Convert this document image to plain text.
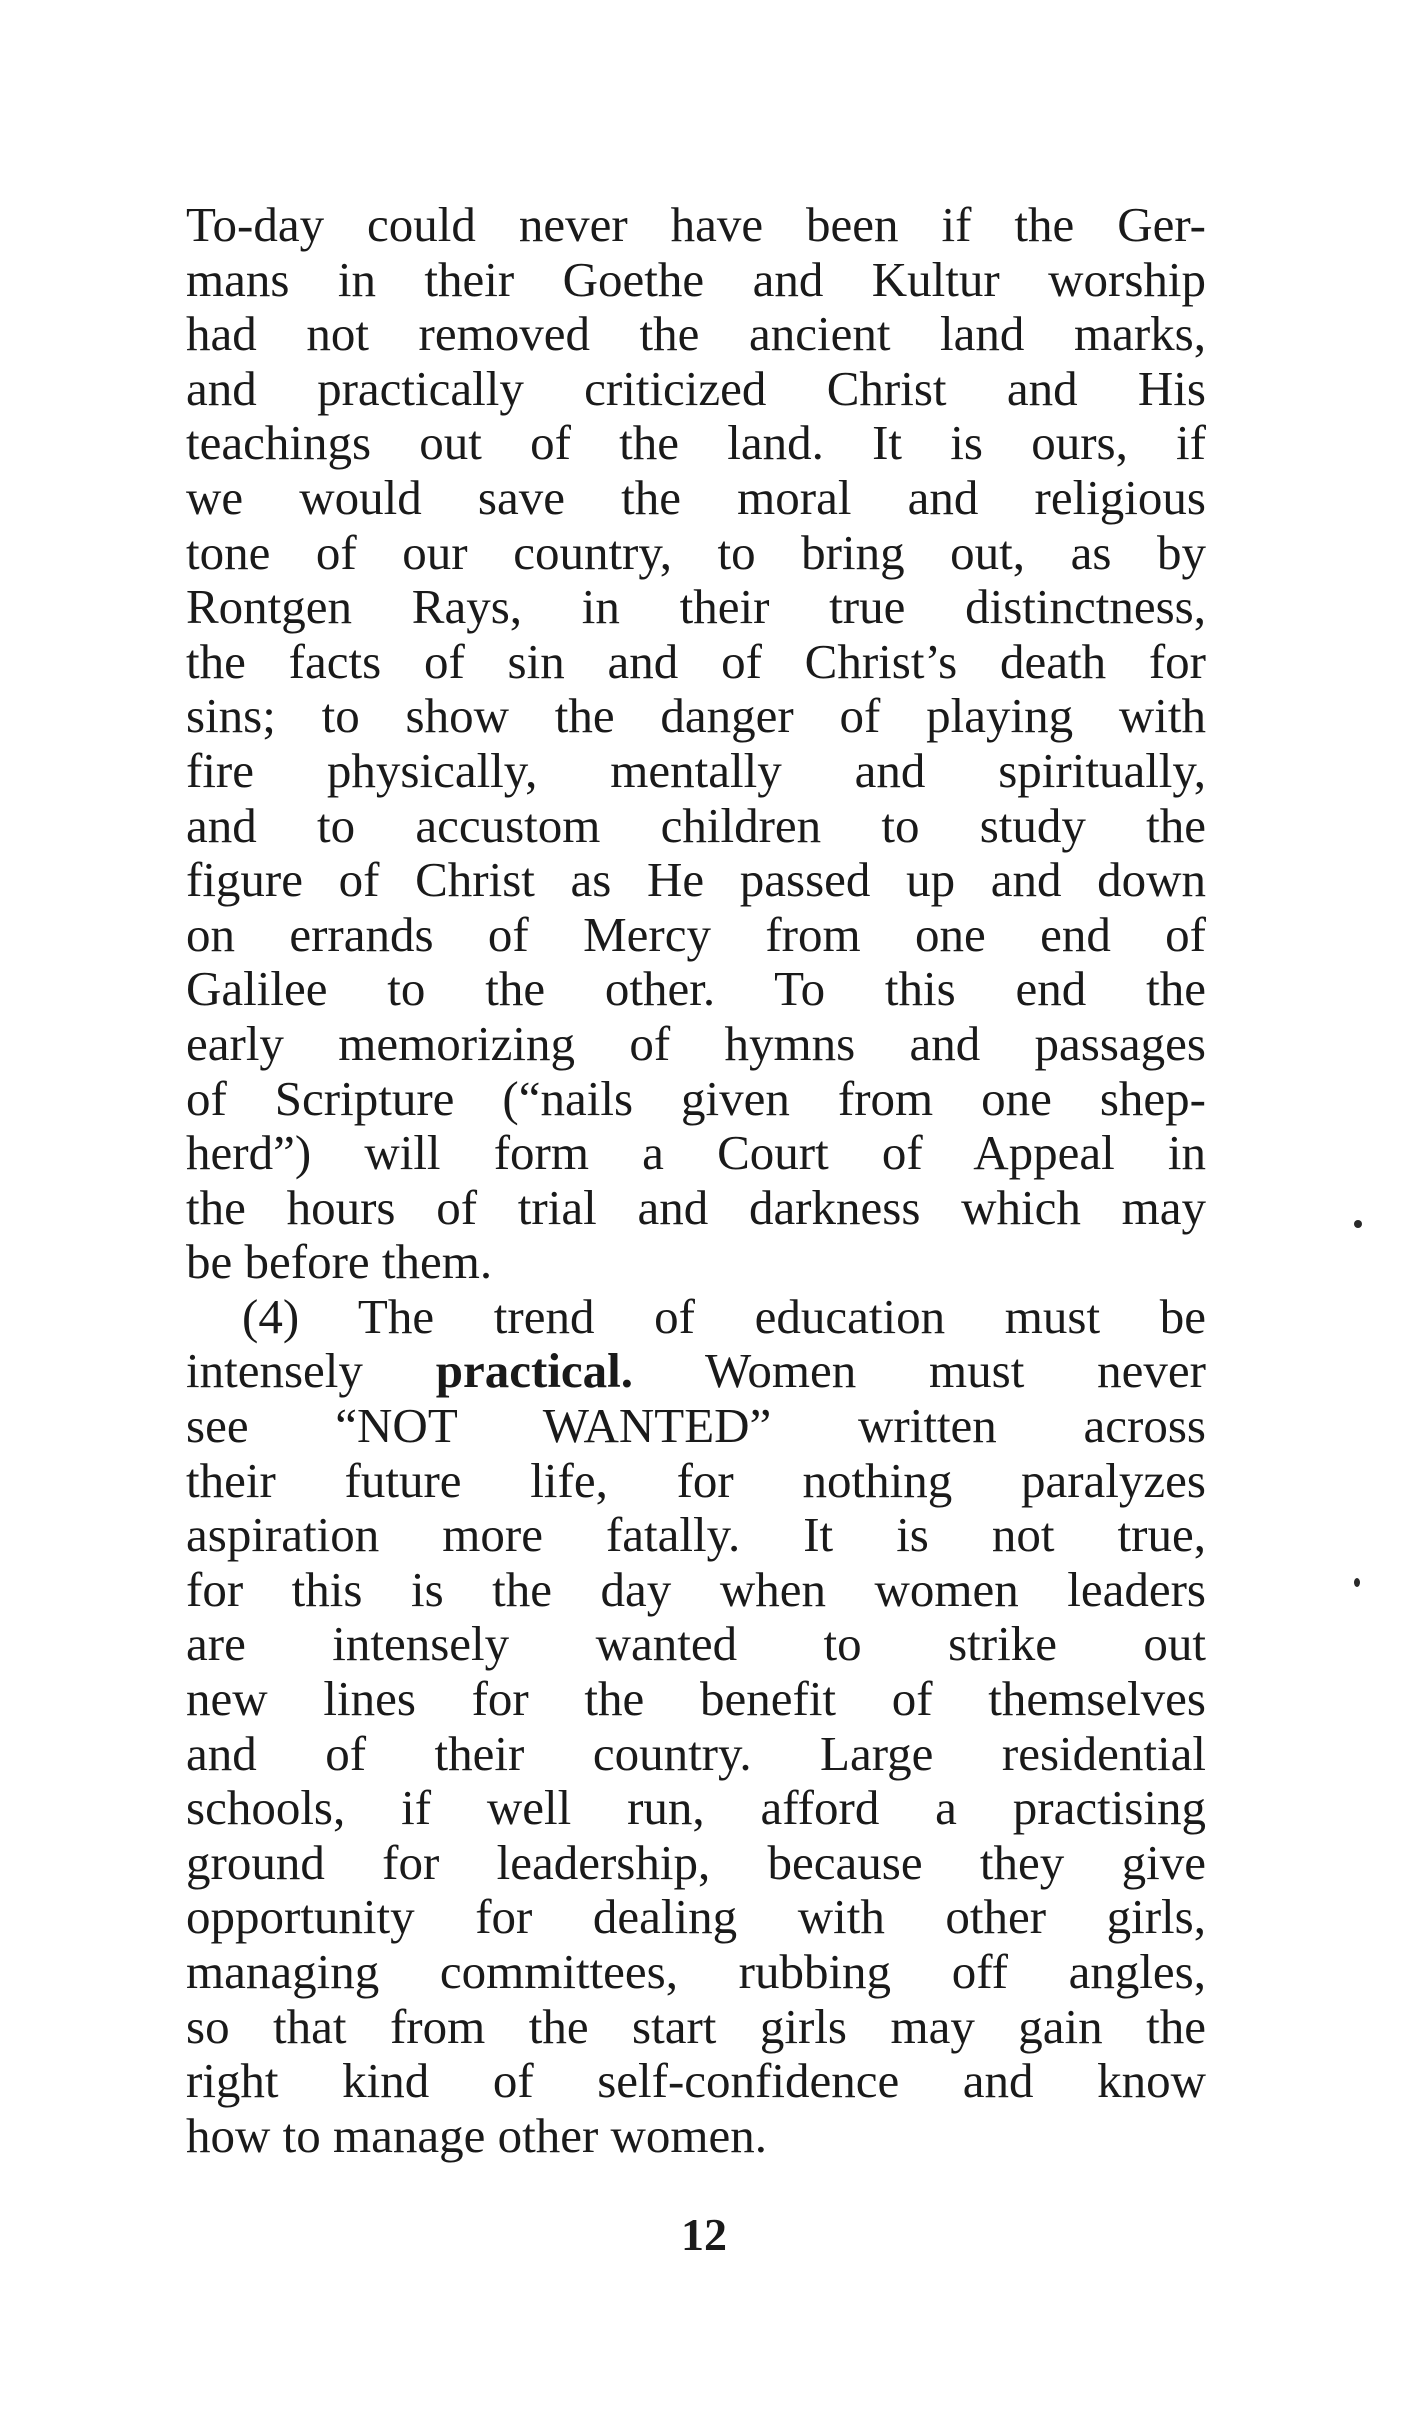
To-day could never have been if the Ger-
mans in their Goethe and Kultur worship
had not removed the ancient land marks,
and practically criticized Christ and His
teachings out of the land. It is ours, if
we would save the moral and religious
tone of our country, to bring out, as by
Rontgen Rays, in their true distinctness,
the facts of sin and of Christ’s death for
sins; to show the danger of playing with
fire physically, mentally and spiritually,
and to accustom children to study the
figure of Christ as He passed up and down
on errands of Mercy from one end of
Galilee to the other. To this end the
early memorizing of hymns and passages
of Scripture (“nails given from one shep-
herd”) will form a Court of Appeal in
the hours of trial and darkness which may
be before them.
(4) The trend of education must be
intensely practical. Women must never
see “NOT WANTED” written across
their future life, for nothing paralyzes
aspiration more fatally. It is not true,
for this is the day when women leaders
are intensely wanted to strike out
new lines for the benefit of themselves
and of their country. Large residential
schools, if well run, afford a practising
ground for leadership, because they give
opportunity for dealing with other girls,
managing committees, rubbing off angles,
so that from the start girls may gain the
right kind of self-confidence and know
how to manage other women.
12
